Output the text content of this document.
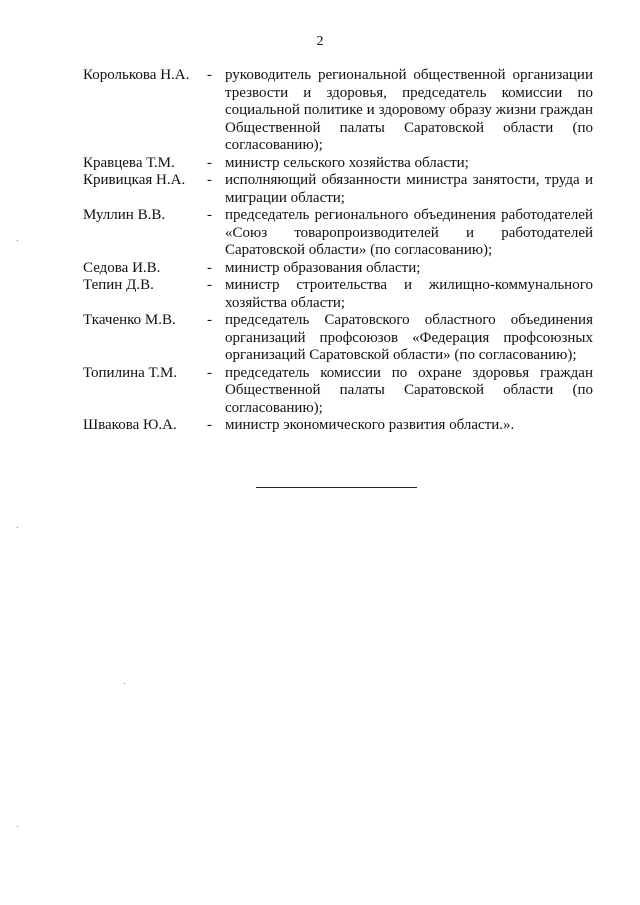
2
Королькова Н.А.	- руководитель региональной общественной организации трезвости и здоровья, председатель комиссии по социальной политике и здоровому образу жизни граждан Общественной палаты Саратовской области (по согласованию);
Кравцева Т.М.	- министр сельского хозяйства области;
Кривицкая Н.А.	- исполняющий обязанности министра занятости, труда и миграции области;
Муллин В.В.	- председатель регионального объединения работодателей «Союз товаропроизводителей и работодателей Саратовской области» (по согласованию);
Седова И.В.	- министр образования области;
Тепин Д.В.	- министр строительства и жилищно-коммунального хозяйства области;
Ткаченко М.В.	- председатель Саратовского областного объединения организаций профсоюзов «Федерация профсоюзных организаций Саратовской области» (по согласованию);
Топилина Т.М.	- председатель комиссии по охране здоровья граждан Общественной палаты Саратовской области (по согласованию);
Швакова Ю.А.	- министр экономического развития области.».
